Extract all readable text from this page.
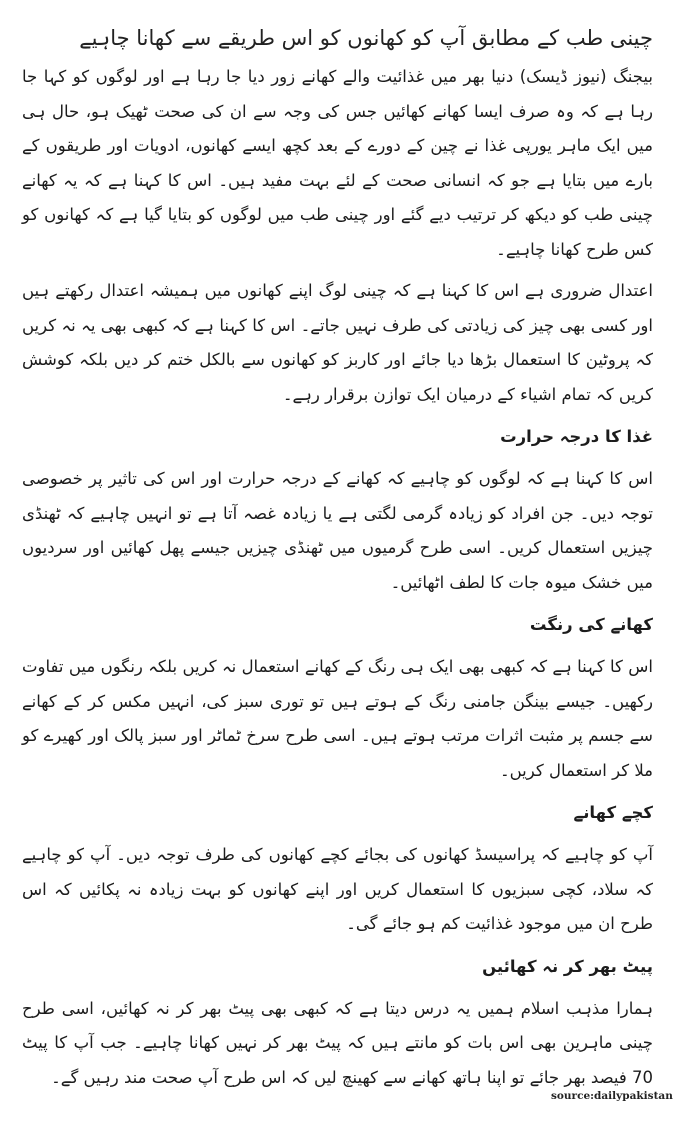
چینی طب کے مطابق آپ کو کھانوں کو اس طریقے سے کھانا چاہیے

بیجنگ (نیوز ڈیسک) دنیا بھر میں غذائیت والے کھانے زور دیا جا رہا ہے اور لوگوں کو کہا جا رہا ہے کہ وہ صرف ایسا کھانے کھائیں جس کی وجہ سے ان کی صحت ٹھیک ہو، حال ہی میں ایک ماہر یورپی غذا نے چین کے دورے کے بعد کچھ ایسے کھانوں، ادویات اور طریقوں کے بارے میں بتایا ہے جو کہ انسانی صحت کے لئے بہت مفید ہیں۔ اس کا کہنا ہے کہ یہ کھانے چینی طب کو دیکھ کر ترتیب دیے گئے اور چینی طب میں لوگوں کو بتایا گیا ہے کہ کھانوں کو کس طرح کھانا چاہیے۔

اعتدال ضروری ہے اس کا کہنا ہے کہ چینی لوگ اپنے کھانوں میں ہمیشہ اعتدال رکھتے ہیں اور کسی بھی چیز کی زیادتی کی طرف نہیں جاتے۔ اس کا کہنا ہے کہ کبھی بھی یہ نہ کریں کہ پروٹین کا استعمال بڑھا دیا جائے اور کاربز کو کھانوں سے بالکل ختم کر دیں بلکہ کوشش کریں کہ تمام اشیاء کے درمیان ایک توازن برقرار رہے۔

غذا کا درجہ حرارت

اس کا کہنا ہے کہ لوگوں کو چاہیے کہ کھانے کے درجہ حرارت اور اس کی تاثیر پر خصوصی توجہ دیں۔ جن افراد کو زیادہ گرمی لگتی ہے یا زیادہ غصہ آتا ہے تو انہیں چاہیے کہ ٹھنڈی چیزیں استعمال کریں۔ اسی طرح گرمیوں میں ٹھنڈی چیزیں جیسے پھل کھائیں اور سردیوں میں خشک میوہ جات کا لطف اٹھائیں۔

کھانے کی رنگت

اس کا کہنا ہے کہ کبھی بھی ایک ہی رنگ کے کھانے استعمال نہ کریں بلکہ رنگوں میں تفاوت رکھیں۔ جیسے بینگن جامنی رنگ کے ہوتے ہیں تو توری سبز کی، انہیں مکس کر کے کھانے سے جسم پر مثبت اثرات مرتب ہوتے ہیں۔ اسی طرح سرخ ٹماٹر اور سبز پالک اور کھیرے کو ملا کر استعمال کریں۔

کچے کھانے

آپ کو چاہیے کہ پراسیسڈ کھانوں کی بجائے کچے کھانوں کی طرف توجہ دیں۔ آپ کو چاہیے کہ سلاد، کچی سبزیوں کا استعمال کریں اور اپنے کھانوں کو بہت زیادہ نہ پکائیں کہ اس طرح ان میں موجود غذائیت کم ہو جائے گی۔

پیٹ بھر کر نہ کھائیں

ہمارا مذہب اسلام ہمیں یہ درس دیتا ہے کہ کبھی بھی پیٹ بھر کر نہ کھائیں، اسی طرح چینی ماہرین بھی اس بات کو مانتے ہیں کہ پیٹ بھر کر نہیں کھانا چاہیے۔ جب آپ کا پیٹ 70 فیصد بھر جائے تو اپنا ہاتھ کھانے سے کھینچ لیں کہ اس طرح آپ صحت مند رہیں گے۔

source:dailypakistan
